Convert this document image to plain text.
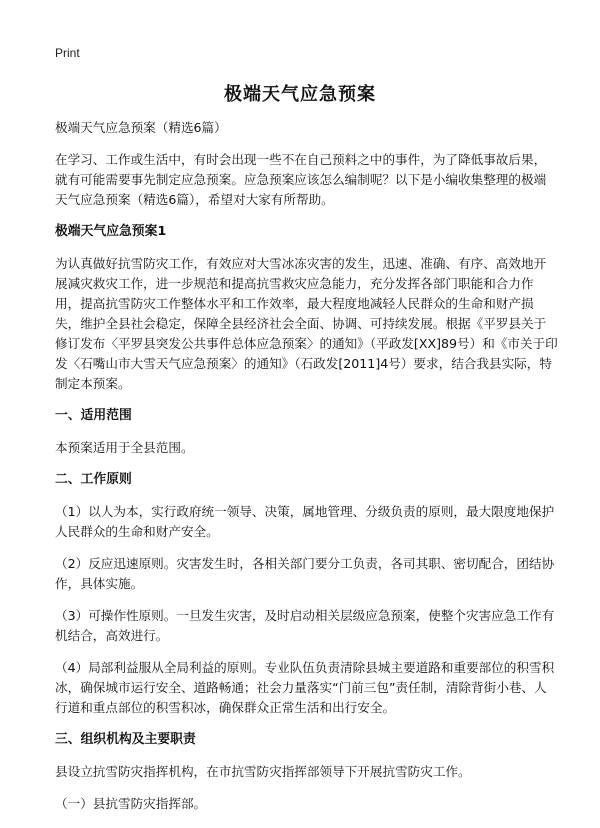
Print
极端天气应急预案

极端天气应急预案（精选6篇）

在学习、工作或生活中，有时会出现一些不在自己预料之中的事件，为了降低事故后果，就有可能需要事先制定应急预案。应急预案应该怎么编制呢？以下是小编收集整理的极端天气应急预案（精选6篇），希望对大家有所帮助。

极端天气应急预案1

为认真做好抗雪防灾工作，有效应对大雪冰冻灾害的发生，迅速、准确、有序、高效地开展减灾救灾工作，进一步规范和提高抗雪救灾应急能力，充分发挥各部门职能和合力作用，提高抗雪防灾工作整体水平和工作效率，最大程度地减轻人民群众的生命和财产损失，维护全县社会稳定，保障全县经济社会全面、协调、可持续发展。根据《平罗县关于修订发布〈平罗县突发公共事件总体应急预案〉的通知》（平政发[XX]89号）和《市关于印发〈石嘴山市大雪天气应急预案〉的通知》（石政发[2011]4号）要求，结合我县实际，特制定本预案。

一、适用范围

本预案适用于全县范围。

二、工作原则

（1）以人为本，实行政府统一领导、决策，属地管理、分级负责的原则，最大限度地保护人民群众的生命和财产安全。

（2）反应迅速原则。灾害发生时，各相关部门要分工负责，各司其职、密切配合，团结协作，具体实施。

（3）可操作性原则。一旦发生灾害，及时启动相关层级应急预案，使整个灾害应急工作有机结合，高效进行。

（4）局部利益服从全局利益的原则。专业队伍负责清除县城主要道路和重要部位的积雪积冰，确保城市运行安全、道路畅通；社会力量落实“门前三包”责任制，清除背街小巷、人行道和重点部位的积雪积冰，确保群众正常生活和出行安全。

三、组织机构及主要职责

县设立抗雪防灾指挥机构，在市抗雪防灾指挥部领导下开展抗雪防灾工作。

（一）县抗雪防灾指挥部。
